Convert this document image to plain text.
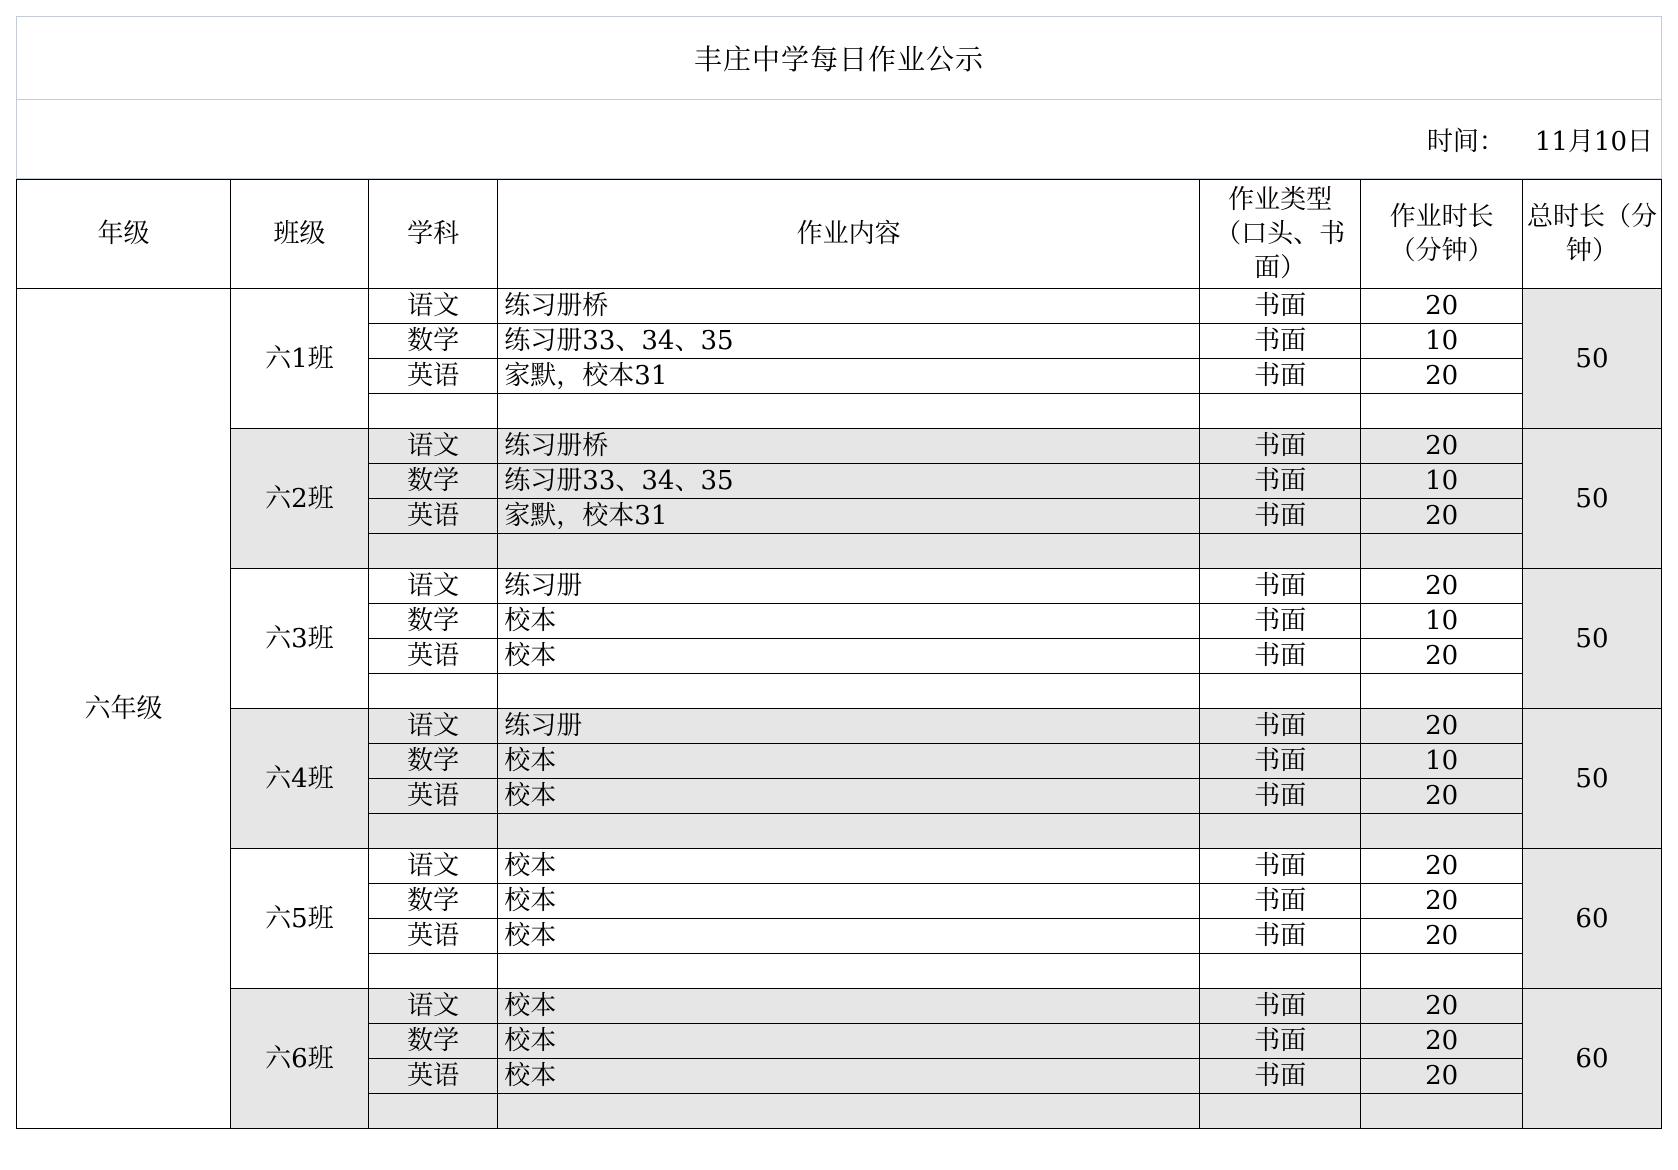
丰庄中学每日作业公示
时间： 11月10日
年级	班级	学科	作业内容	作业类型（口头、书面）	作业时长（分钟）	总时长（分钟）
六年级	六1班	语文	练习册桥	书面	20	50
		数学	练习册33、34、35	书面	10	
		英语	家默，校本31	书面	20	

	六2班	语文	练习册桥	书面	20	50
		数学	练习册33、34、35	书面	10	
		英语	家默，校本31	书面	20	

	六3班	语文	练习册	书面	20	50
		数学	校本	书面	10	
		英语	校本	书面	20	

	六4班	语文	练习册	书面	20	50
		数学	校本	书面	10	
		英语	校本	书面	20	

	六5班	语文	校本	书面	20	60
		数学	校本	书面	20	
		英语	校本	书面	20	

	六6班	语文	校本	书面	20	60
		数学	校本	书面	20	
		英语	校本	书面	20	
